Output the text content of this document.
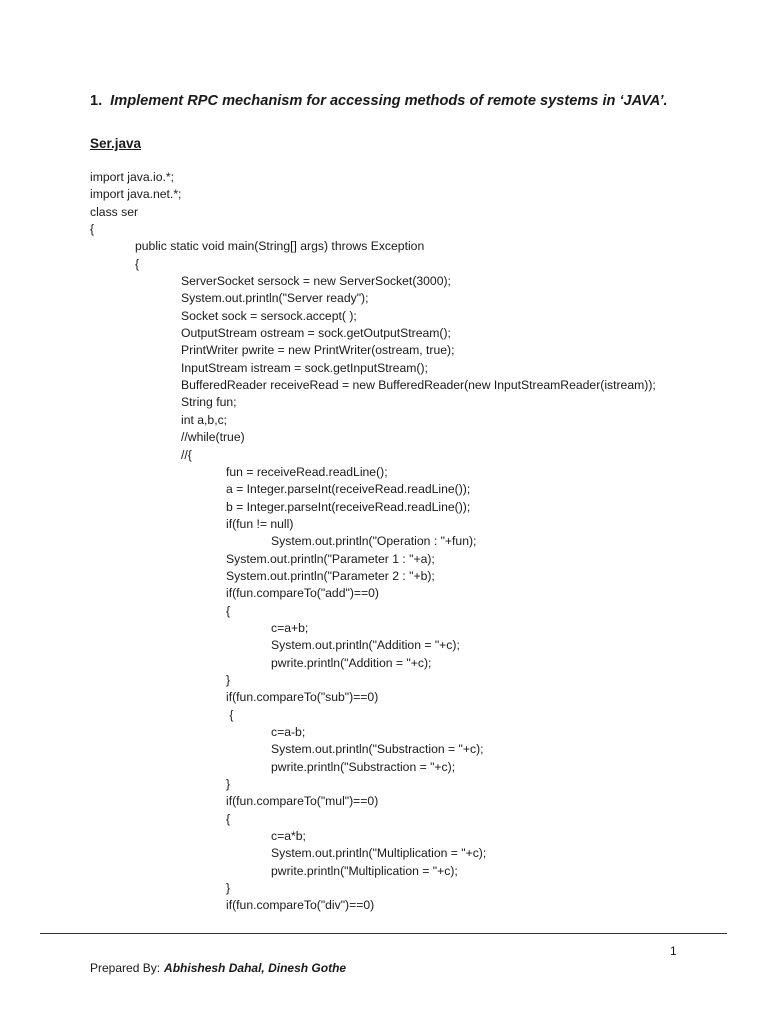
1. Implement RPC mechanism for accessing methods of remote systems in ‘JAVA’.
Ser.java
import java.io.*;
import java.net.*;
class ser
{
public static void main(String[] args) throws Exception
{
ServerSocket sersock = new ServerSocket(3000);
System.out.println("Server ready");
Socket sock = sersock.accept( );
OutputStream ostream = sock.getOutputStream();
PrintWriter pwrite = new PrintWriter(ostream, true);
InputStream istream = sock.getInputStream();
BufferedReader receiveRead = new BufferedReader(new InputStreamReader(istream));
String fun;
int a,b,c;
//while(true)
//{
fun = receiveRead.readLine();
a = Integer.parseInt(receiveRead.readLine());
b = Integer.parseInt(receiveRead.readLine());
if(fun != null)
System.out.println("Operation : "+fun);
System.out.println("Parameter 1 : "+a);
System.out.println("Parameter 2 : "+b);
if(fun.compareTo("add")==0)
{
c=a+b;
System.out.println("Addition = "+c);
pwrite.println("Addition = "+c);
}
if(fun.compareTo("sub")==0)
{
c=a-b;
System.out.println("Substraction = "+c);
pwrite.println("Substraction = "+c);
}
if(fun.compareTo("mul")==0)
{
c=a*b;
System.out.println("Multiplication = "+c);
pwrite.println("Multiplication = "+c);
}
if(fun.compareTo("div")==0)
1
Prepared By: Abhishesh Dahal, Dinesh Gothe
